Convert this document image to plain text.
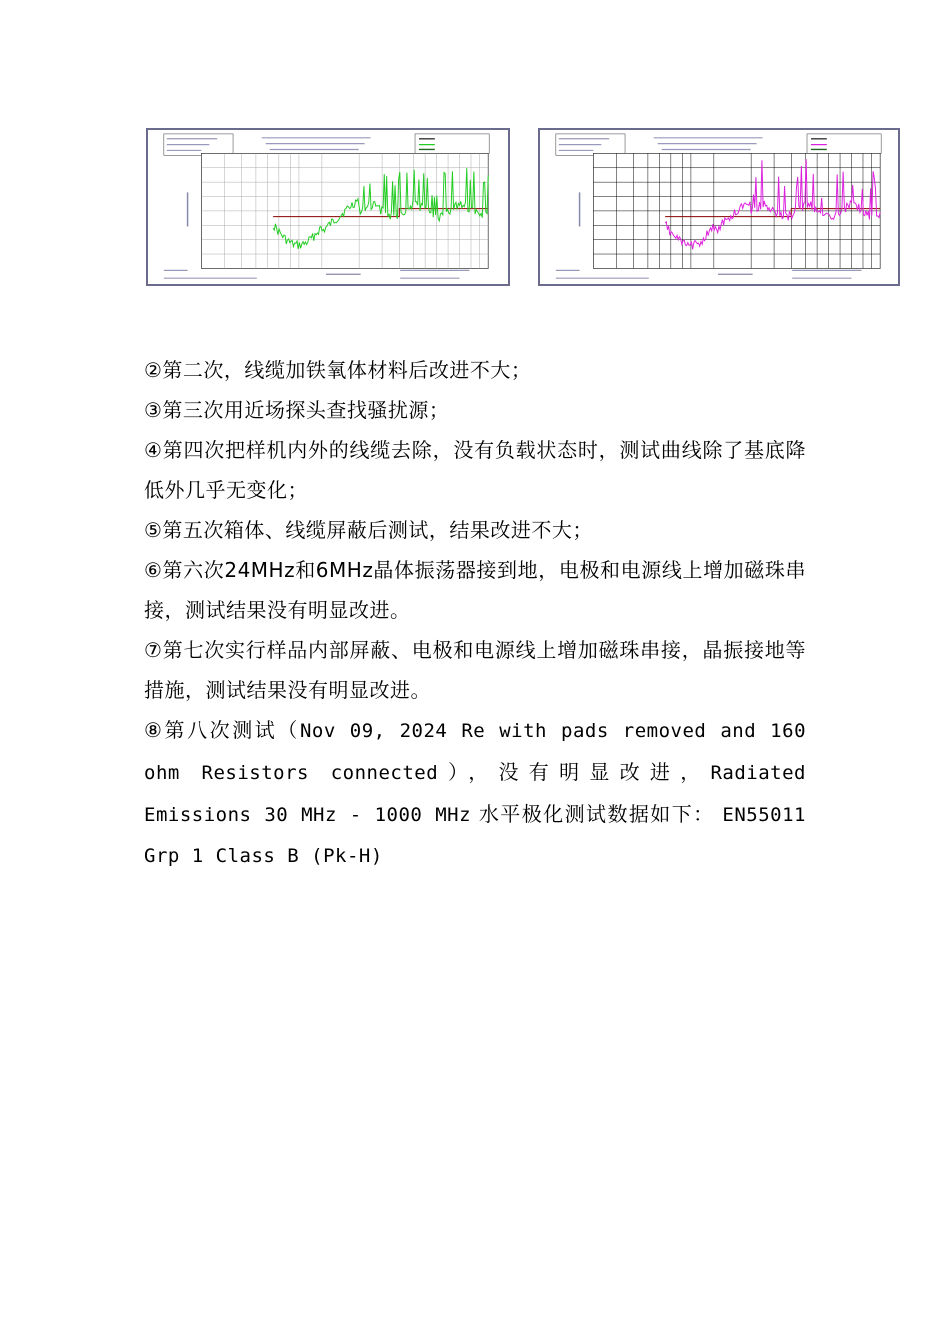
②第二次，线缆加铁氧体材料后改进不大；

③第三次用近场探头查找骚扰源；

④第四次把样机内外的线缆去除，没有负载状态时，测试曲线除了基底降低外几乎无变化；

⑤第五次箱体、线缆屏蔽后测试，结果改进不大；

⑥第六次24MHz和6MHz晶体振荡器接到地，电极和电源线上增加磁珠串接，测试结果没有明显改进。

⑦第七次实行样品内部屏蔽、电极和电源线上增加磁珠串接，晶振接地等措施，测试结果没有明显改进。

⑧第八次测试（Nov 09, 2024 Re with pads removed and 160 ohm Resistors connected），没有明显改进，Radiated Emissions 30 MHz - 1000 MHz 水平极化测试数据如下： EN55011 Grp 1 Class B (Pk-H)
